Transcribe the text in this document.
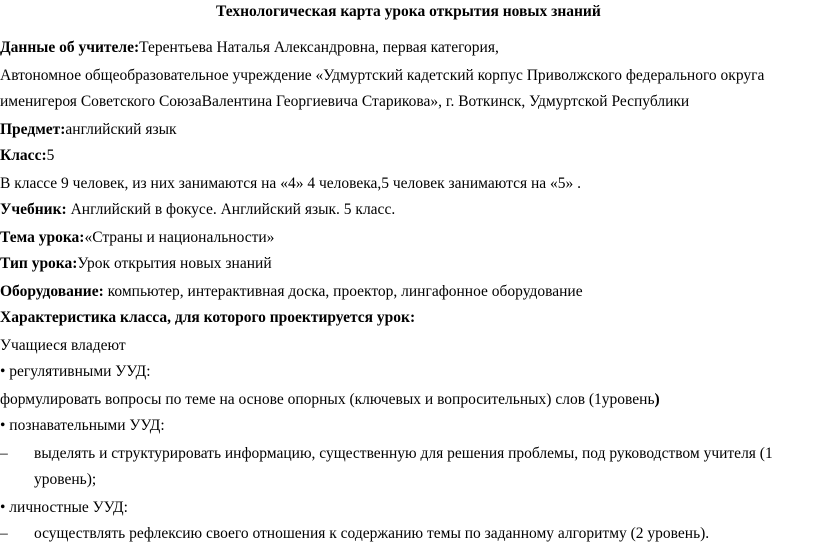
Технологическая карта урока открытия новых знаний
Данные об учителе:Терентьева Наталья Александровна, первая категория,
Автономное общеобразовательное учреждение «Удмуртский кадетский корпус Приволжского федерального округа
именигероя Советского СоюзаВалентина Георгиевича Старикова», г. Воткинск, Удмуртской Республики
Предмет:английский язык
Класс:5
В классе 9 человек, из них занимаются на «4» 4 человека,5 человек занимаются на «5» .
Учебник: Английский в фокусе. Английский язык. 5 класс.
Тема урока:«Страны и национальности»
Тип урока:Урок открытия новых знаний
Оборудование: компьютер, интерактивная доска, проектор, лингафонное оборудование
Характеристика класса, для которого проектируется урок:
Учащиеся владеют
• регулятивными УУД:
формулировать вопросы по теме на основе опорных (ключевых и вопросительных) слов (1уровень)
• познавательными УУД:
– выделять и структурировать информацию, существенную для решения проблемы, под руководством учителя (1
уровень);
• личностные УУД:
– осуществлять рефлексию своего отношения к содержанию темы по заданному алгоритму (2 уровень).
